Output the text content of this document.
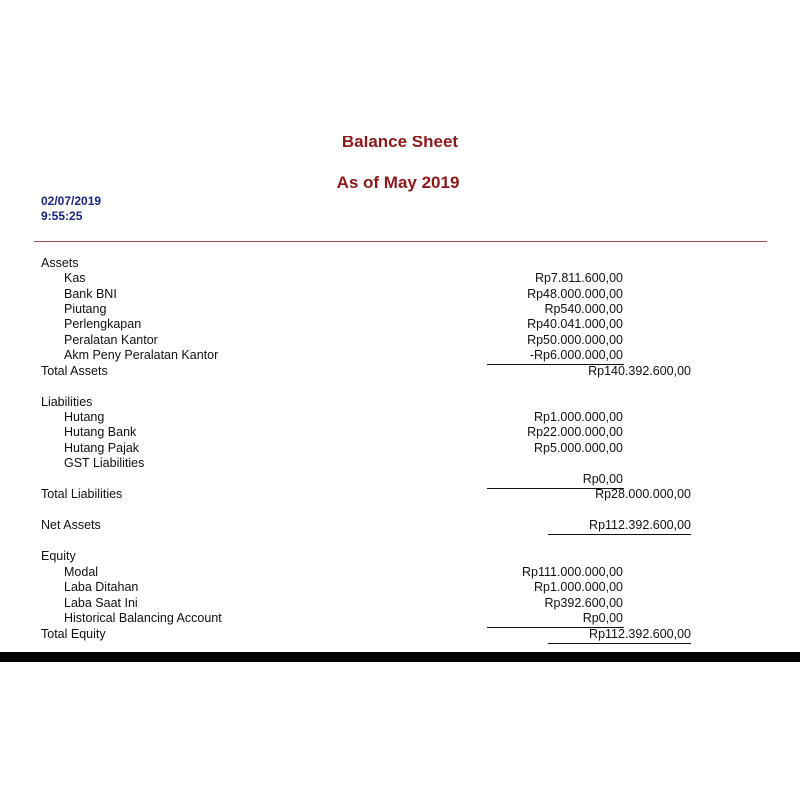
Balance Sheet
As of May 2019
02/07/2019
9:55:25
Assets
Kas	Rp7.811.600,00
Bank BNI	Rp48.000.000,00
Piutang	Rp540.000,00
Perlengkapan	Rp40.041.000,00
Peralatan Kantor	Rp50.000.000,00
Akm Peny Peralatan Kantor	-Rp6.000.000,00
Total Assets	Rp140.392.600,00
Liabilities
Hutang	Rp1.000.000,00
Hutang Bank	Rp22.000.000,00
Hutang Pajak	Rp5.000.000,00
GST Liabilities
Rp0,00
Total Liabilities	Rp28.000.000,00
Net Assets	Rp112.392.600,00
Equity
Modal	Rp111.000.000,00
Laba Ditahan	Rp1.000.000,00
Laba Saat Ini	Rp392.600,00
Historical Balancing Account	Rp0,00
Total Equity	Rp112.392.600,00
